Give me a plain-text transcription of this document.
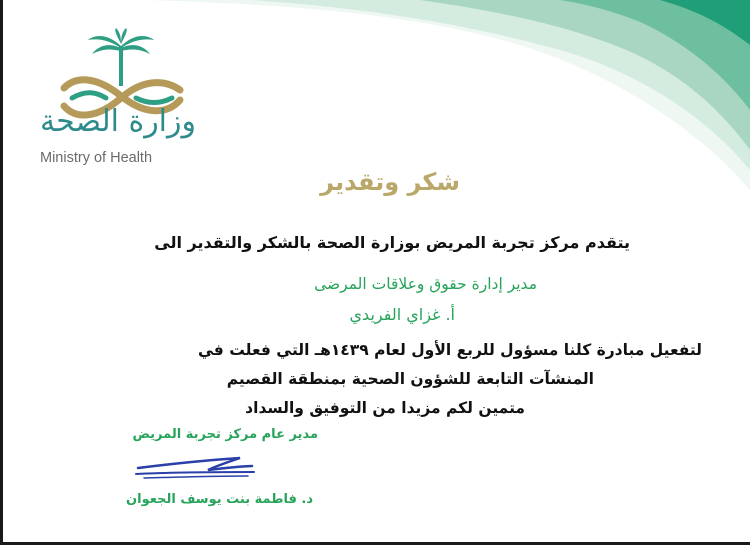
وزارة الصحة
Ministry of Health
شكر وتقدير
يتقدم مركز تجربة المريض بوزارة الصحة بالشكر والتقدير الى
مدير إدارة حقوق وعلاقات المرضى
أ. غزاي الفريدي
لتفعيل مبادرة كلنا مسؤول للربع الأول لعام ١٤٣٩هـ التي فعلت في
المنشآت التابعة للشؤون الصحية بمنطقة القصيم
متمين لكم مزيدا من التوفيق والسداد
مدير عام مركز تجربة المريض
د. فاطمة بنت يوسف الجعوان
